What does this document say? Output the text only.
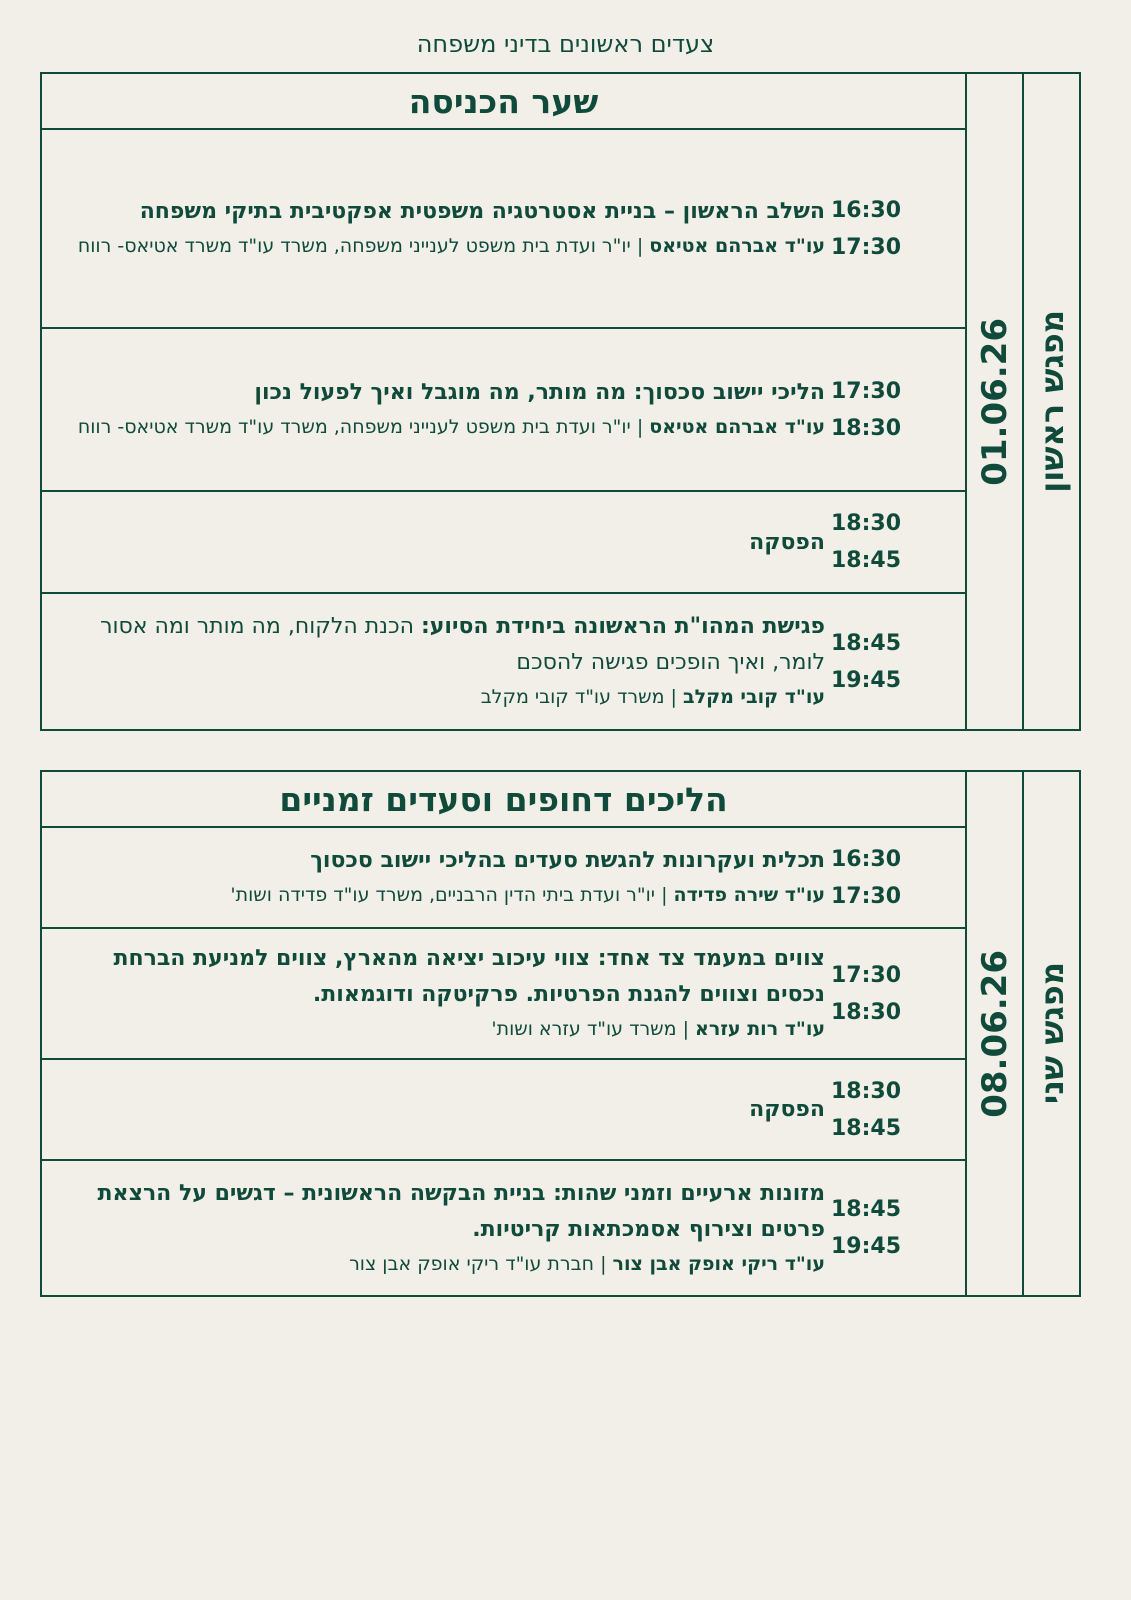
צעדים ראשונים בדיני משפחה
שער הכניסה
השלב הראשון – בניית אסטרטגיה משפטית אפקטיבית בתיקי משפחה
עו"ד אברהם אטיאס | יו"ר ועדת בית משפט לענייני משפחה, משרד עו"ד משרד אטיאס- רווח
16:30
17:30
הליכי יישוב סכסוך: מה מותר, מה מוגבל ואיך לפעול נכון
עו"ד אברהם אטיאס | יו"ר ועדת בית משפט לענייני משפחה, משרד עו"ד משרד אטיאס- רווח
17:30
18:30
הפסקה
18:30
18:45
פגישת המהו"ת הראשונה ביחידת הסיוע: הכנת הלקוח, מה מותר ומה אסור לומר, ואיך הופכים פגישה להסכם
עו"ד קובי מקלב | משרד עו"ד קובי מקלב
18:45
19:45
01.06.26 מפגש ראשון
הליכים דחופים וסעדים זמניים
תכלית ועקרונות להגשת סעדים בהליכי יישוב סכסוך
עו"ד שירה פדידה | יו"ר ועדת ביתי הדין הרבניים, משרד עו"ד פדידה ושות'
16:30
17:30
צווים במעמד צד אחד: צווי עיכוב יציאה מהארץ, צווים למניעת הברחת נכסים וצווים להגנת הפרטיות. פרקיטקה ודוגמאות.
עו"ד רות עזרא | משרד עו"ד עזרא ושות'
17:30
18:30
הפסקה
18:30
18:45
מזונות ארעיים וזמני שהות: בניית הבקשה הראשונית – דגשים על הרצאת פרטים וצירוף אסמכתאות קריטיות.
עו"ד ריקי אופק אבן צור | חברת עו"ד ריקי אופק אבן צור
18:45
19:45
08.06.26 מפגש שני
